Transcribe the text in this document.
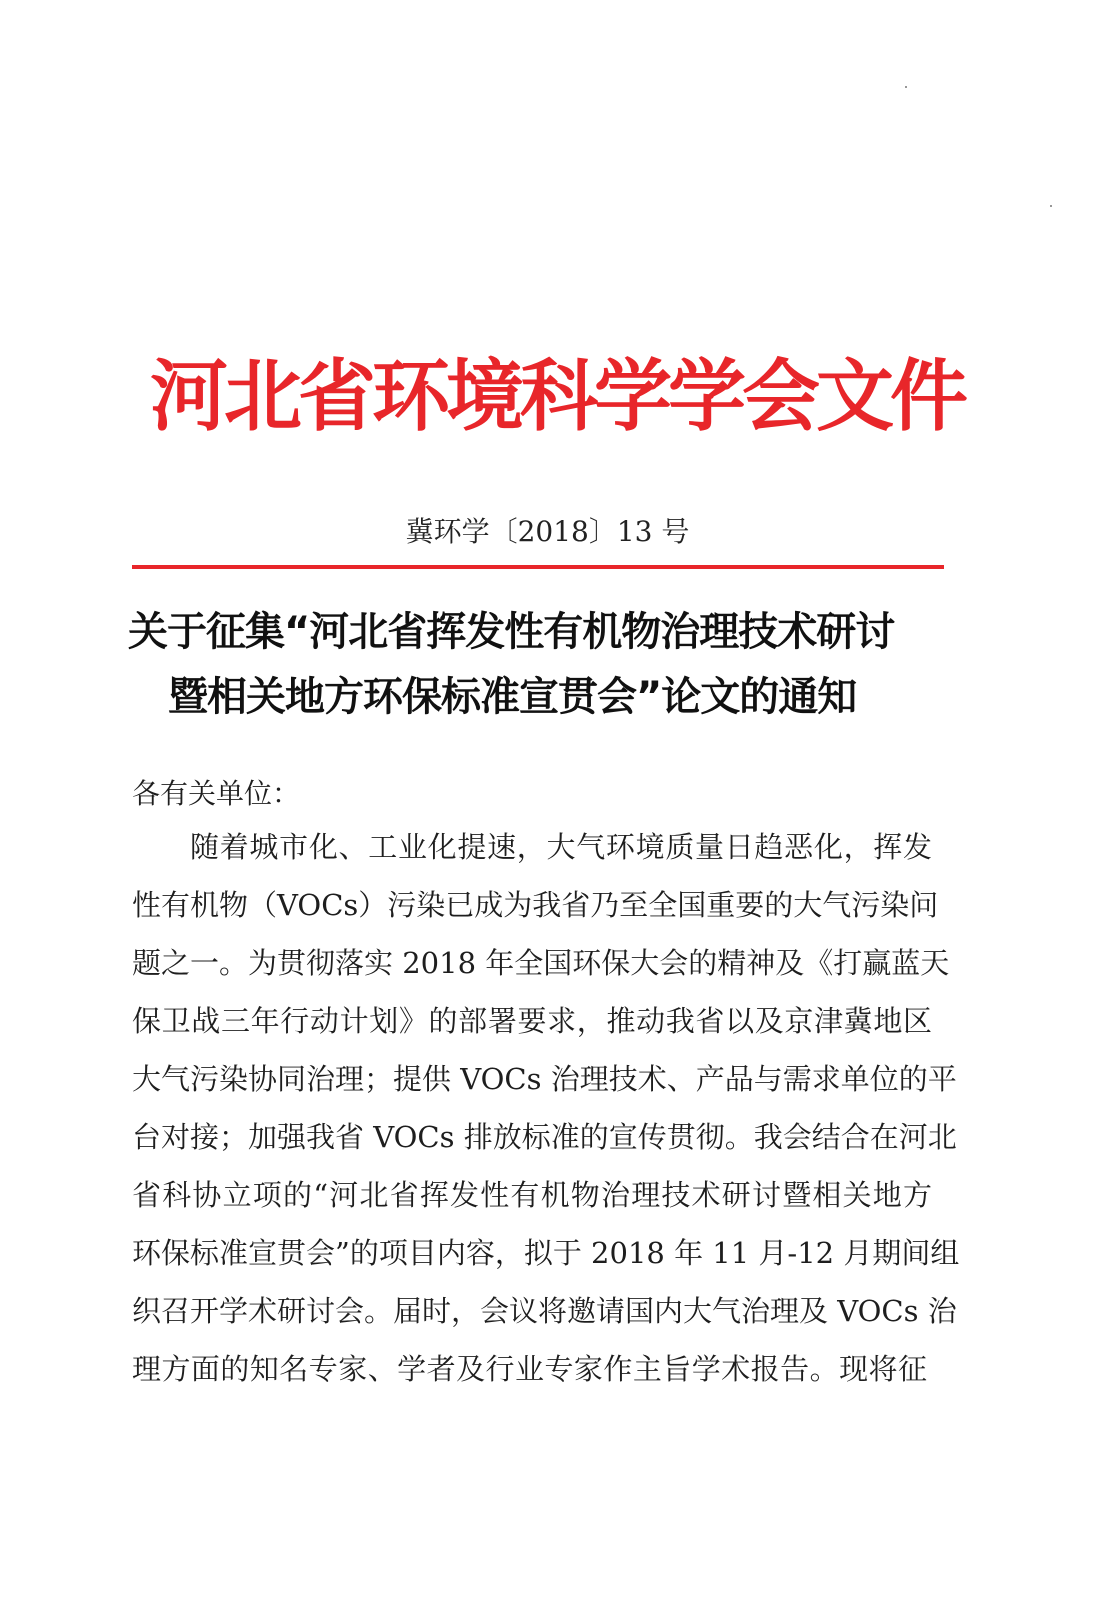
河北省环境科学学会文件
冀环学〔2018〕13 号
关于征集“河北省挥发性有机物治理技术研讨
暨相关地方环保标准宣贯会”论文的通知
各有关单位：
随着城市化、工业化提速，大气环境质量日趋恶化，挥发
性有机物（VOCs）污染已成为我省乃至全国重要的大气污染问
题之一。为贯彻落实 2018 年全国环保大会的精神及《打赢蓝天
保卫战三年行动计划》的部署要求，推动我省以及京津冀地区
大气污染协同治理；提供 VOCs 治理技术、产品与需求单位的平
台对接；加强我省 VOCs 排放标准的宣传贯彻。我会结合在河北
省科协立项的“河北省挥发性有机物治理技术研讨暨相关地方
环保标准宣贯会”的项目内容，拟于 2018 年 11 月-12 月期间组
织召开学术研讨会。届时，会议将邀请国内大气治理及 VOCs 治
理方面的知名专家、学者及行业专家作主旨学术报告。现将征
